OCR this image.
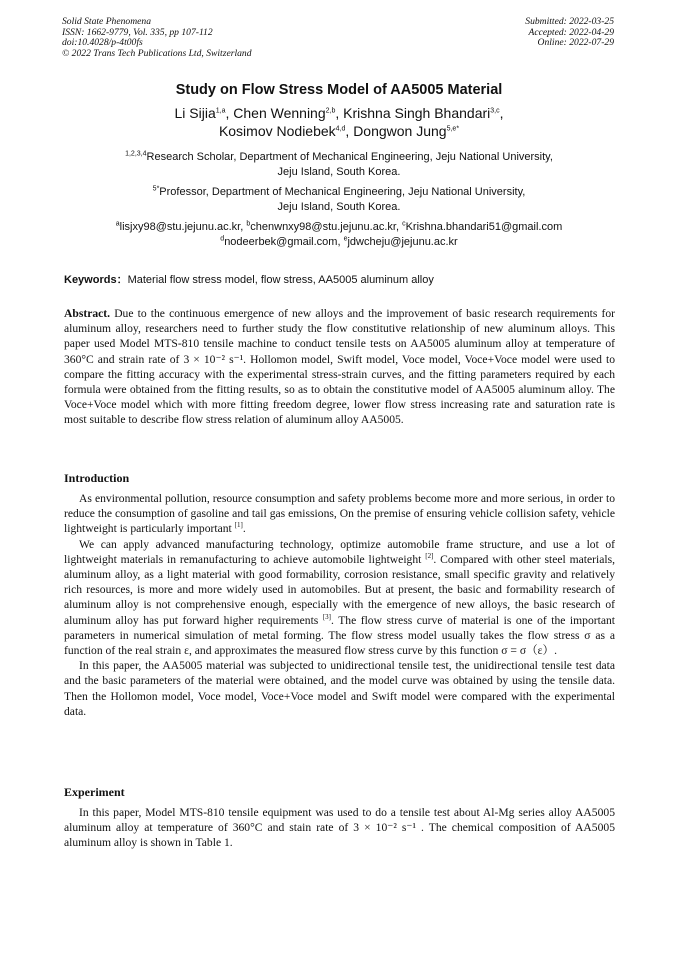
Solid State Phenomena
ISSN: 1662-9779, Vol. 335, pp 107-112
doi:10.4028/p-4t00fs
© 2022 Trans Tech Publications Ltd, Switzerland
Submitted: 2022-03-25
Accepted: 2022-04-29
Online: 2022-07-29
Study on Flow Stress Model of AA5005 Material
Li Sijia$^{1,a}$, Chen Wenning$^{2,b}$, Krishna Singh Bhandari$^{3,c}$,
Kosimov Nodiebek$^{4,d}$, Dongwon Jung$^{5,e*}$
$^{1,2,3,4}$Research Scholar, Department of Mechanical Engineering, Jeju National University,
Jeju Island, South Korea.
$^{5*}$Professor, Department of Mechanical Engineering, Jeju National University,
Jeju Island, South Korea.
$^a$lisjxy98@stu.jejunu.ac.kr, $^b$chenwnxy98@stu.jejunu.ac.kr, $^c$Krishna.bhandari51@gmail.com
$^d$nodeerbek@gmail.com, $^e$jdwcheju@jejunu.ac.kr
Keywords：Material flow stress model, flow stress, AA5005 aluminum alloy

Abstract. Due to the continuous emergence of new alloys and the improvement of basic research requirements for aluminum alloy, researchers need to further study the flow constitutive relationship of new aluminum alloys. This paper used Model MTS-810 tensile machine to conduct tensile tests on AA5005 aluminum alloy at temperature of 360°C and strain rate of 3 × 10⁻² s⁻¹. Hollomon model, Swift model, Voce model, Voce+Voce model were used to compare the fitting accuracy with the experimental stress-strain curves, and the fitting parameters required by each formula were obtained from the fitting results, so as to obtain the constitutive model of AA5005 aluminum alloy. The Voce+Voce model which with more fitting freedom degree, lower flow stress increasing rate and saturation rate is most suitable to describe flow stress relation of aluminum alloy AA5005.

Introduction

As environmental pollution, resource consumption and safety problems become more and more serious, in order to reduce the consumption of gasoline and tail gas emissions, On the premise of ensuring vehicle collision safety, vehicle lightweight is particularly important [1].

We can apply advanced manufacturing technology, optimize automobile frame structure, and use a lot of lightweight materials in remanufacturing to achieve automobile lightweight [2]. Compared with other steel materials, aluminum alloy, as a light material with good formability, corrosion resistance, small specific gravity and relatively rich resources, is more and more widely used in automobiles. But at present, the basic and formability research of aluminum alloy is not comprehensive enough, especially with the emergence of new alloys, the basic research of aluminum alloy has put forward higher requirements [3]. The flow stress curve of material is one of the important parameters in numerical simulation of metal forming. The flow stress model usually takes the flow stress σ as a function of the real strain ε, and approximates the measured flow stress curve by this function σ = σ（ε）.

In this paper, the AA5005 material was subjected to unidirectional tensile test, the unidirectional tensile test data and the basic parameters of the material were obtained, and the model curve was obtained by using the tensile data. Then the Hollomon model, Voce model, Voce+Voce model and Swift model were compared with the experimental data.

Experiment

In this paper, Model MTS-810 tensile equipment was used to do a tensile test about Al-Mg series alloy AA5005 aluminum alloy at temperature of 360°C and stain rate of 3 × 10⁻² s⁻¹ . The chemical composition of AA5005 aluminum alloy is shown in Table 1.
